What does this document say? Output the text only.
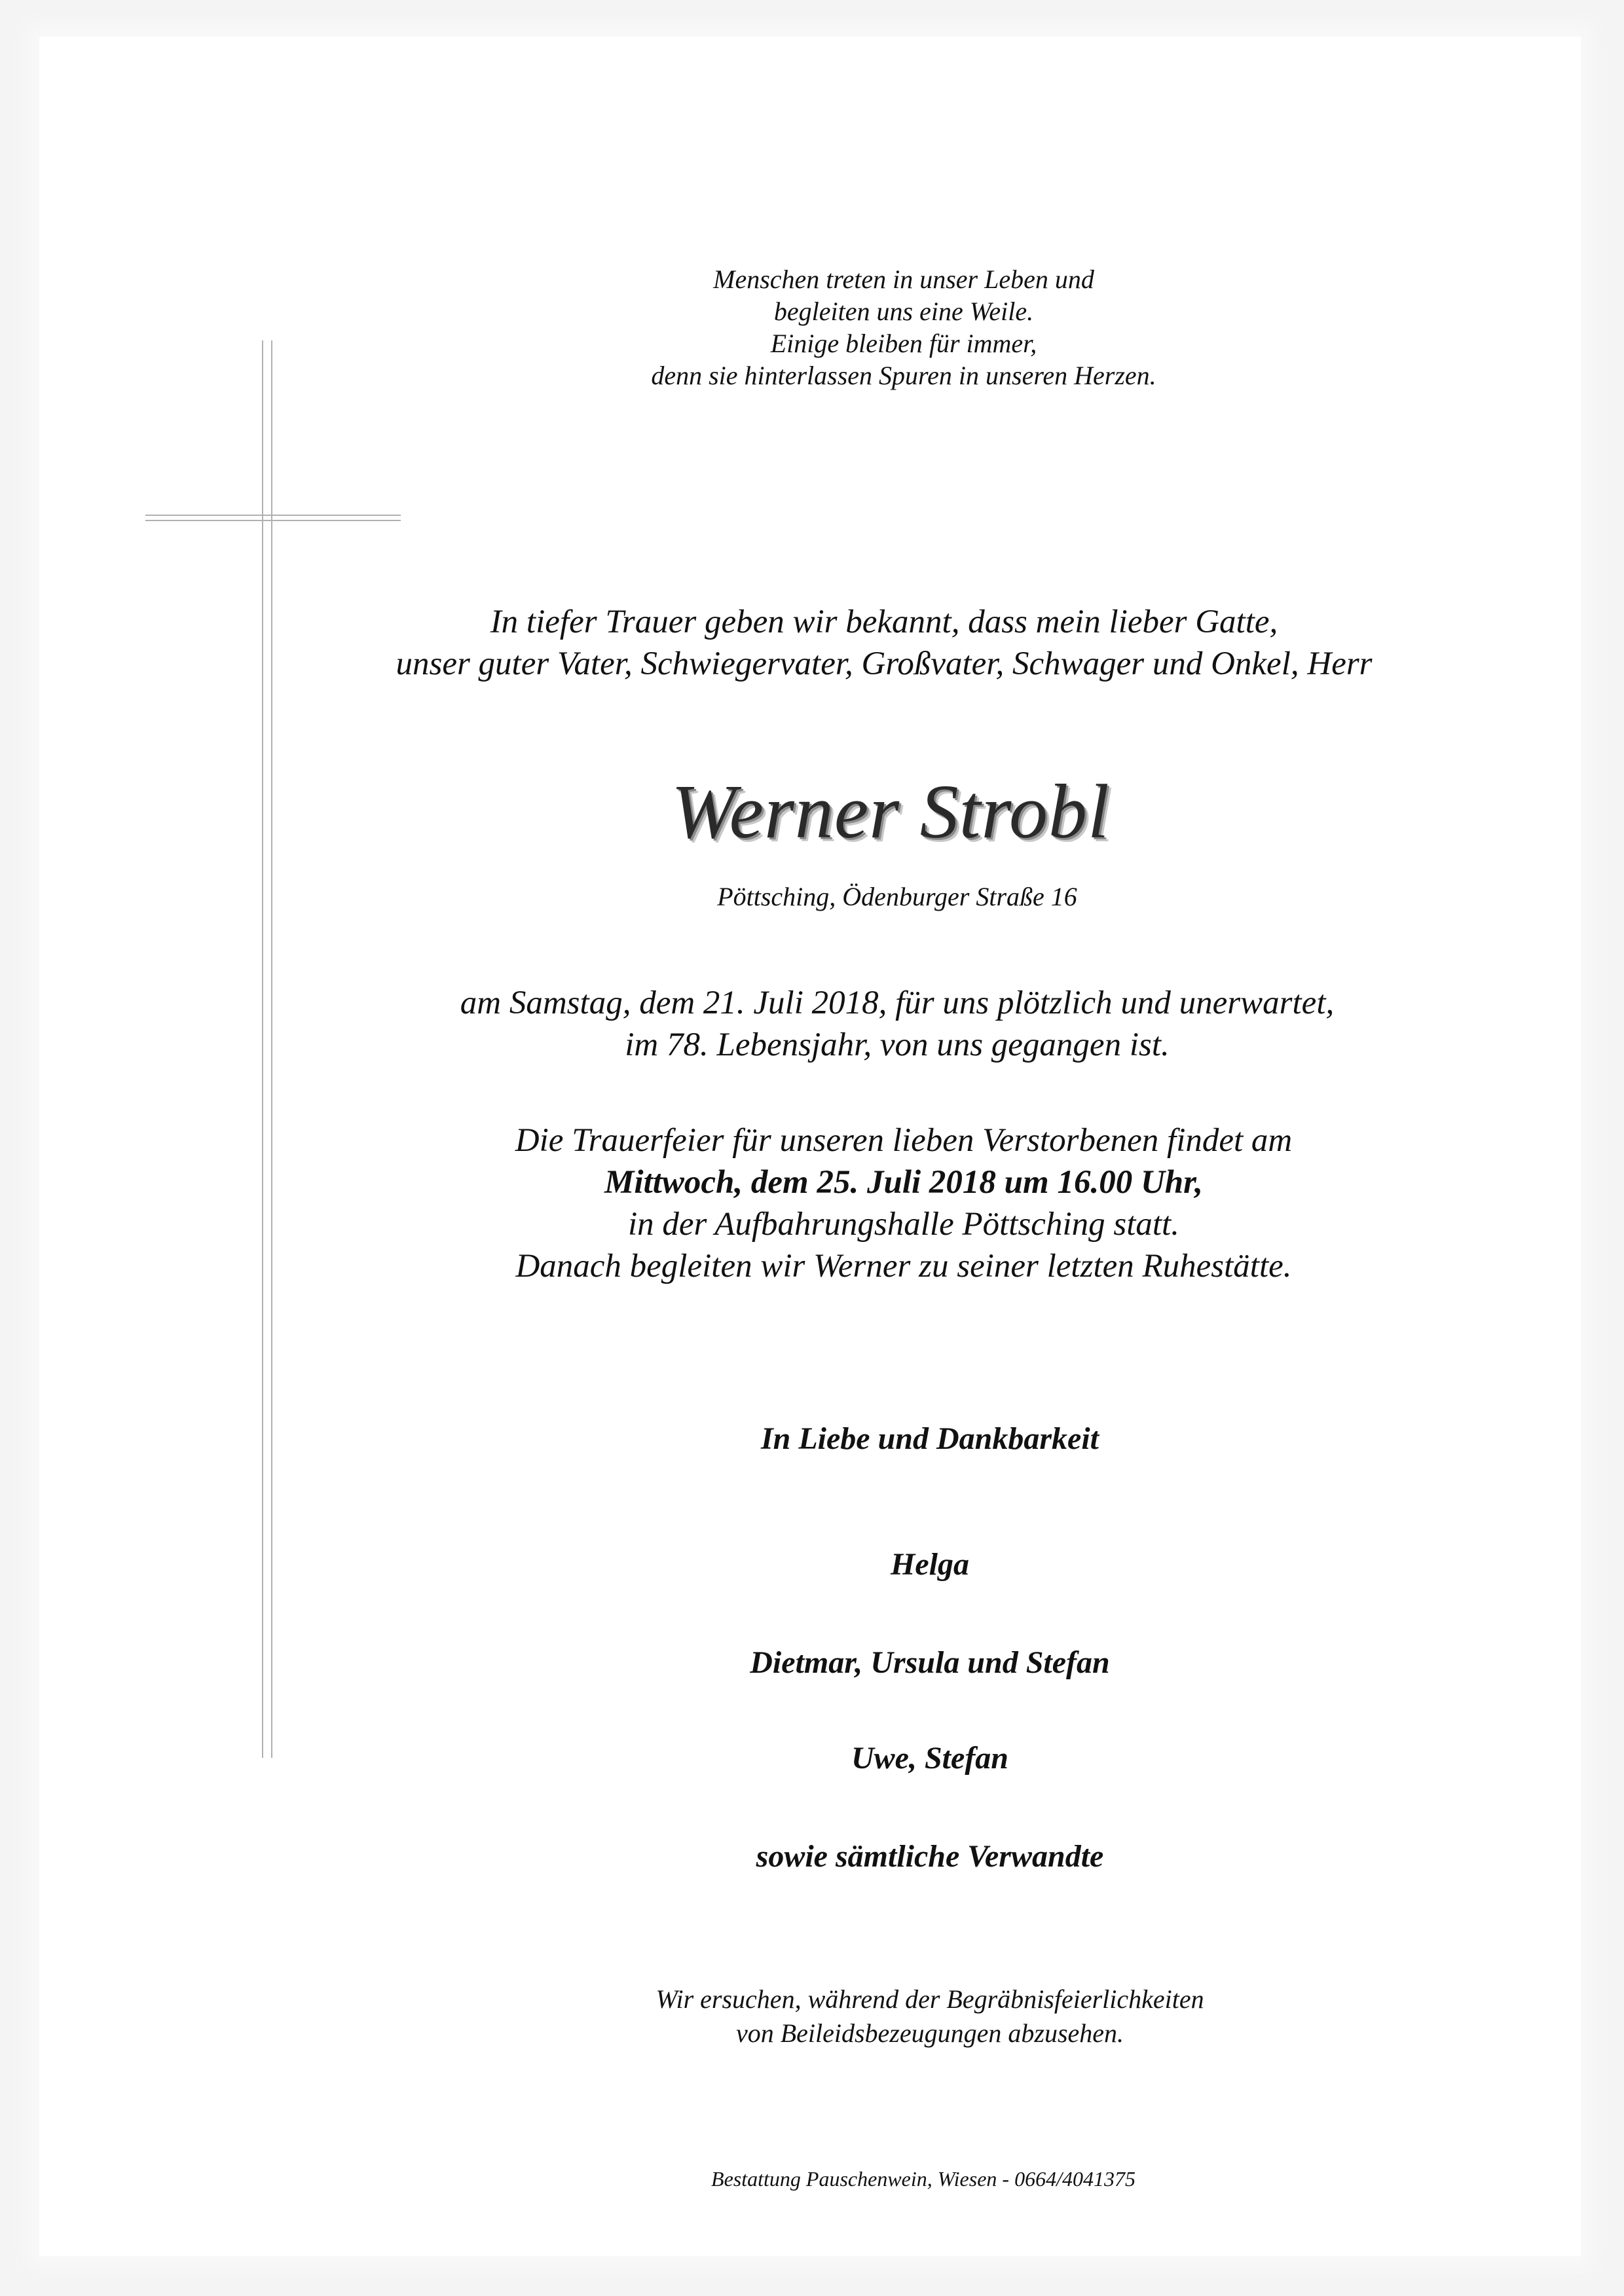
Menschen treten in unser Leben und
begleiten uns eine Weile.
Einige bleiben für immer,
denn sie hinterlassen Spuren in unseren Herzen.
In tiefer Trauer geben wir bekannt, dass mein lieber Gatte,
unser guter Vater, Schwiegervater, Großvater, Schwager und Onkel, Herr
Werner Strobl
Pöttsching, Ödenburger Straße 16
am Samstag, dem 21. Juli 2018, für uns plötzlich und unerwartet,
im 78. Lebensjahr, von uns gegangen ist.
Die Trauerfeier für unseren lieben Verstorbenen findet am
Mittwoch, dem 25. Juli 2018 um 16.00 Uhr,
in der Aufbahrungshalle Pöttsching statt.
Danach begleiten wir Werner zu seiner letzten Ruhestätte.
In Liebe und Dankbarkeit
Helga
Dietmar, Ursula und Stefan
Uwe, Stefan
sowie sämtliche Verwandte
Wir ersuchen, während der Begräbnisfeierlichkeiten
von Beileidsbezeugungen abzusehen.
Bestattung Pauschenwein, Wiesen - 0664/4041375
